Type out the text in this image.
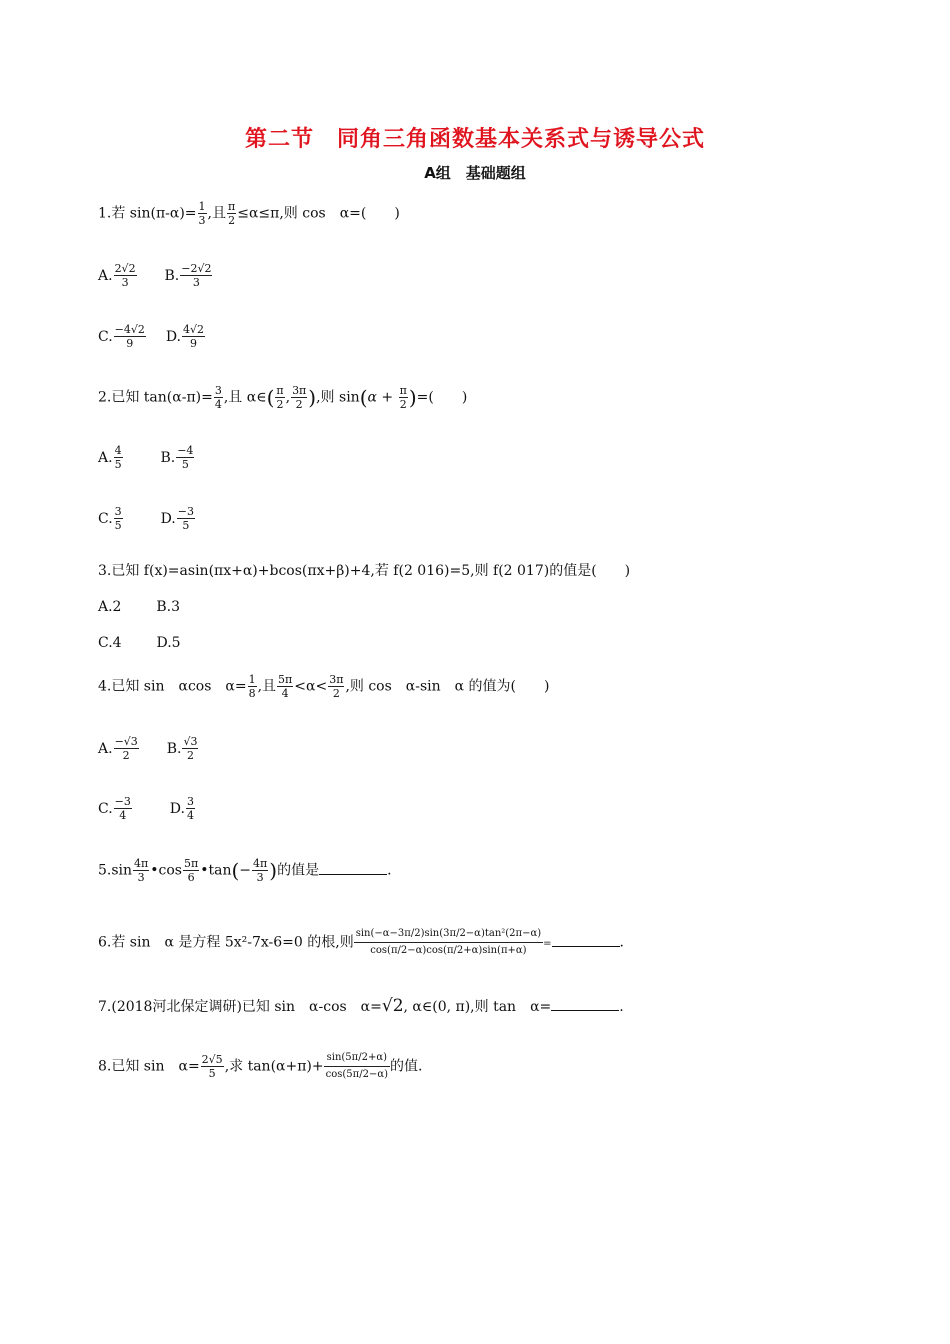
第二节　同角三角函数基本关系式与诱导公式
A组　基础题组
1.若 $\sin(\pi-\alpha)= \frac{1}{3}$ ,且 $\frac{\pi}{2} \le\alpha\le\pi$,则 cos　α=(　　)
A. $\frac{2√2}{3} B$. $\frac{-2√2}{3}$
C. $\frac{-4√2}{9} D$. $\frac{4√2}{9}$
2.已知 $\tan(\alpha-\pi)= \frac{3}{4}$ ,且 α∈( $\frac{\pi}{2}$ , $\frac{3\pi}{2}$ ),则 $\sin(\alpha + \frac{\pi}{2}$ )=(　　)
A. $\frac{4}{5}$	B. $\frac{-4}{5}$
C. $\frac{3}{5}$	D. $\frac{-3}{5}$
3.已知 f(x)=asin(πx+α)+bcos(πx+β)+4,若 f(2 016)=5,则 f(2 017)的值是(　　)
A.2 B.3
C.4 D.5
4.已知 sin　αcos　$\alpha= \frac{1}{8}$ ,且 $\frac{5\pi}{4} <\alpha< \frac{3\pi}{2}$ ,则 cos　α-sin　α 的值为(　　)
A. $\frac{-√3}{2} B$. $\frac{√3}{2}$
C. $\frac{-3}{4}$	D. $\frac{3}{4}$
$5.\sin \frac{4\pi}{3}$ •cos $\frac{5\pi}{6}$ •tan(− $\frac{4\pi}{3}$ )的值是	.
6.若 sin　α 是方程 5x²-7x-6=0 的根,则 $\frac{\text{sin(−α−3π/2)sin(3π/2−α)tan²(2π−α)}}{\cos(\pi/2-\alpha)\cos(\pi/2+\alpha)\sin(\pi+\alpha)}$ =	.
7.(2018河北保定调研)已知 sin　α-cos　α=√2, α∈(0, π),则 tan　α=	.
8.已知 sin　$\alpha= \frac{2√5}{5}$ ,求 $\tan(\alpha+\pi)+ \frac{\sin(5\pi/2+\alpha)}{\cos(5\pi/2-\alpha)}$ 的值.
